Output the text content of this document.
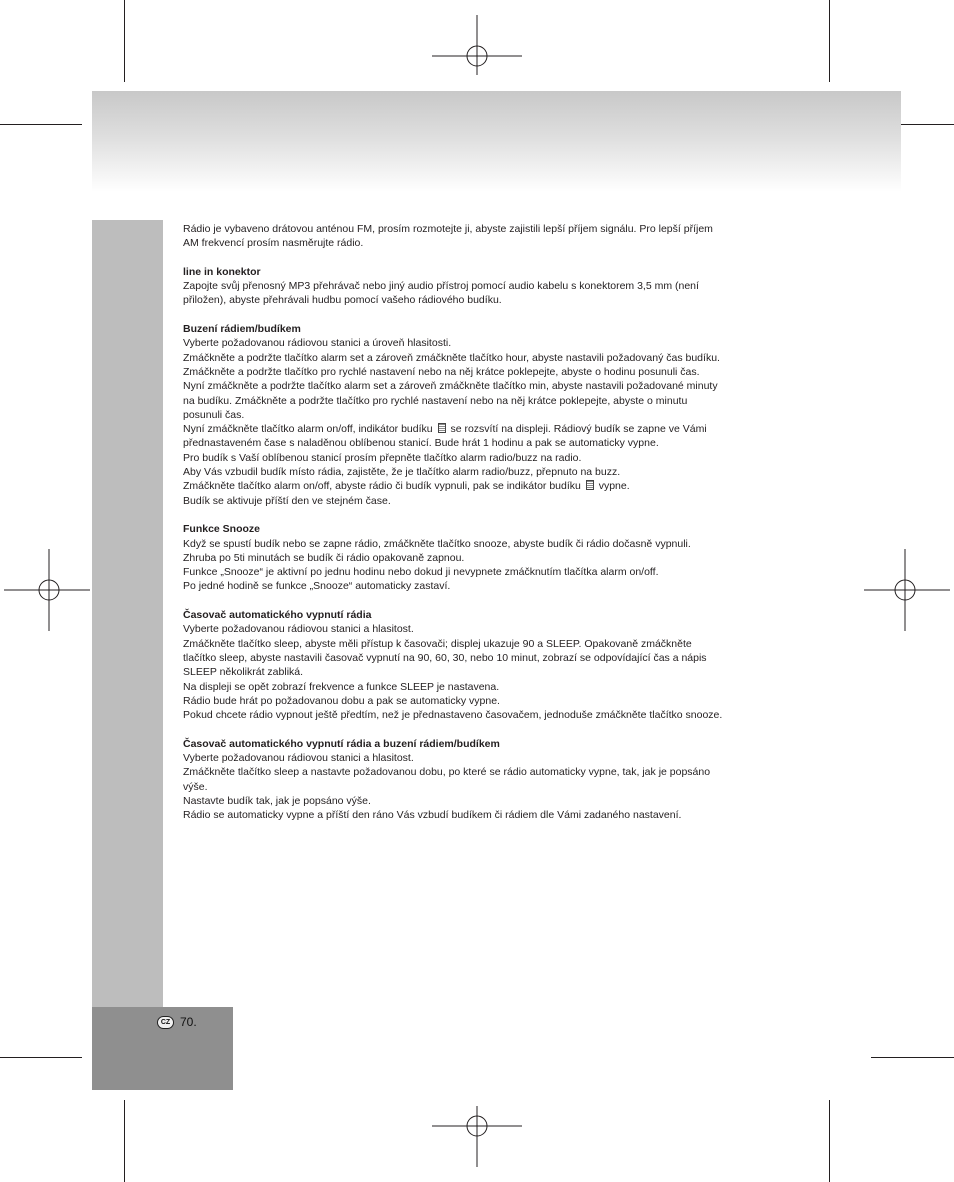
CZ 70.

Rádio je vybaveno drátovou anténou FM, prosím rozmotejte ji, abyste zajistili lepší příjem signálu. Pro lepší příjem

AM frekvencí prosím nasměrujte rádio.

line in konektor

Zapojte svůj přenosný MP3 přehrávač nebo jiný audio přístroj pomocí audio kabelu s konektorem 3,5 mm (není

přiložen), abyste přehrávali hudbu pomocí vašeho rádiového budíku.

Buzení rádiem/budíkem

Vyberte požadovanou rádiovou stanici a úroveň hlasitosti.

Zmáčkněte a podržte tlačítko alarm set a zároveň zmáčkněte tlačítko hour, abyste nastavili požadovaný čas budíku.

Zmáčkněte a podržte tlačítko pro rychlé nastavení nebo na něj krátce poklepejte, abyste o hodinu posunuli čas.

Nyní zmáčkněte a podržte tlačítko alarm set a zároveň zmáčkněte tlačítko min, abyste nastavili požadované minuty

na budíku. Zmáčkněte a podržte tlačítko pro rychlé nastavení nebo na něj krátce poklepejte, abyste o minutu

posunuli čas.

Nyní zmáčkněte tlačítko alarm on/off, indikátor budíku se rozsvítí na displeji. Rádiový budík se zapne ve Vámi

přednastaveném čase s naladěnou oblíbenou stanicí. Bude hrát 1 hodinu a pak se automaticky vypne.

Pro budík s Vaší oblíbenou stanicí prosím přepněte tlačítko alarm radio/buzz na radio.

Aby Vás vzbudil budík místo rádia, zajistěte, že je tlačítko alarm radio/buzz, přepnuto na buzz.

Zmáčkněte tlačítko alarm on/off, abyste rádio či budík vypnuli, pak se indikátor budíku vypne.

Budík se aktivuje příští den ve stejném čase.

Funkce Snooze

Když se spustí budík nebo se zapne rádio, zmáčkněte tlačítko snooze, abyste budík či rádio dočasně vypnuli.

Zhruba po 5ti minutách se budík či rádio opakovaně zapnou.

Funkce „Snooze“ je aktivní po jednu hodinu nebo dokud ji nevypnete zmáčknutím tlačítka alarm on/off.

Po jedné hodině se funkce „Snooze“ automaticky zastaví.

Časovač automatického vypnutí rádia

Vyberte požadovanou rádiovou stanici a hlasitost.

Zmáčkněte tlačítko sleep, abyste měli přístup k časovači; displej ukazuje 90 a SLEEP. Opakovaně zmáčkněte

tlačítko sleep, abyste nastavili časovač vypnutí na 90, 60, 30, nebo 10 minut, zobrazí se odpovídající čas a nápis

SLEEP několikrát zabliká.

Na displeji se opět zobrazí frekvence a funkce SLEEP je nastavena.

Rádio bude hrát po požadovanou dobu a pak se automaticky vypne.

Pokud chcete rádio vypnout ještě předtím, než je přednastaveno časovačem, jednoduše zmáčkněte tlačítko snooze.

Časovač automatického vypnutí rádia a buzení rádiem/budíkem

Vyberte požadovanou rádiovou stanici a hlasitost.

Zmáčkněte tlačítko sleep a nastavte požadovanou dobu, po které se rádio automaticky vypne, tak, jak je popsáno

výše.

Nastavte budík tak, jak je popsáno výše.

Rádio se automaticky vypne a příští den ráno Vás vzbudí budíkem či rádiem dle Vámi zadaného nastavení.
